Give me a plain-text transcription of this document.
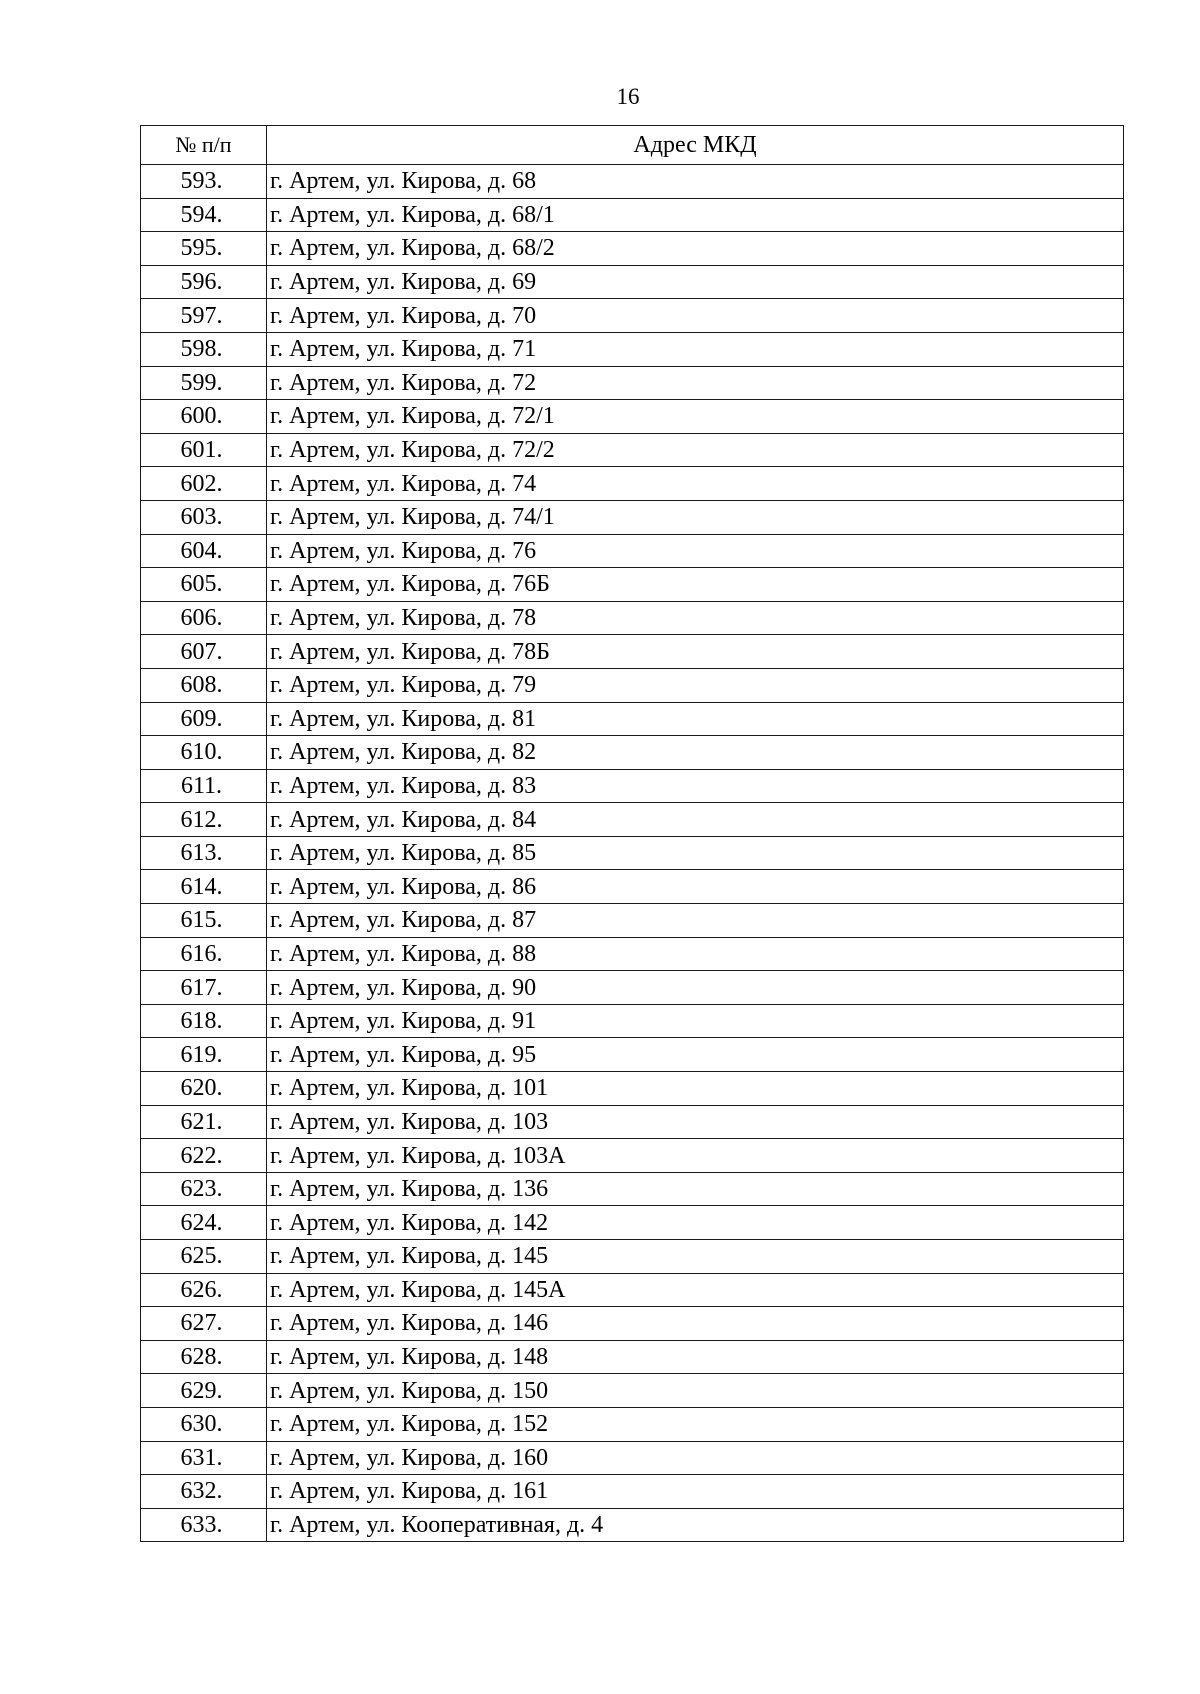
16
№ п/п	Адрес МКД
593.	г. Артем, ул. Кирова, д. 68
594.	г. Артем, ул. Кирова, д. 68/1
595.	г. Артем, ул. Кирова, д. 68/2
596.	г. Артем, ул. Кирова, д. 69
597.	г. Артем, ул. Кирова, д. 70
598.	г. Артем, ул. Кирова, д. 71
599.	г. Артем, ул. Кирова, д. 72
600.	г. Артем, ул. Кирова, д. 72/1
601.	г. Артем, ул. Кирова, д. 72/2
602.	г. Артем, ул. Кирова, д. 74
603.	г. Артем, ул. Кирова, д. 74/1
604.	г. Артем, ул. Кирова, д. 76
605.	г. Артем, ул. Кирова, д. 76Б
606.	г. Артем, ул. Кирова, д. 78
607.	г. Артем, ул. Кирова, д. 78Б
608.	г. Артем, ул. Кирова, д. 79
609.	г. Артем, ул. Кирова, д. 81
610.	г. Артем, ул. Кирова, д. 82
611.	г. Артем, ул. Кирова, д. 83
612.	г. Артем, ул. Кирова, д. 84
613.	г. Артем, ул. Кирова, д. 85
614.	г. Артем, ул. Кирова, д. 86
615.	г. Артем, ул. Кирова, д. 87
616.	г. Артем, ул. Кирова, д. 88
617.	г. Артем, ул. Кирова, д. 90
618.	г. Артем, ул. Кирова, д. 91
619.	г. Артем, ул. Кирова, д. 95
620.	г. Артем, ул. Кирова, д. 101
621.	г. Артем, ул. Кирова, д. 103
622.	г. Артем, ул. Кирова, д. 103А
623.	г. Артем, ул. Кирова, д. 136
624.	г. Артем, ул. Кирова, д. 142
625.	г. Артем, ул. Кирова, д. 145
626.	г. Артем, ул. Кирова, д. 145А
627.	г. Артем, ул. Кирова, д. 146
628.	г. Артем, ул. Кирова, д. 148
629.	г. Артем, ул. Кирова, д. 150
630.	г. Артем, ул. Кирова, д. 152
631.	г. Артем, ул. Кирова, д. 160
632.	г. Артем, ул. Кирова, д. 161
633.	г. Артем, ул. Кооперативная, д. 4
